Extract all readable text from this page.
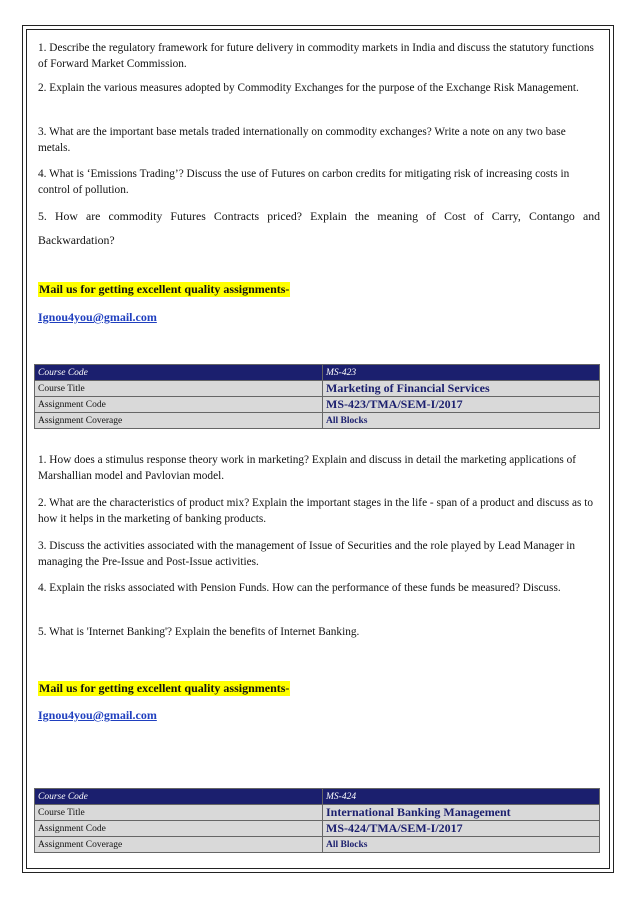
1. Describe the regulatory framework for future delivery in commodity markets in India and discuss the statutory functions of Forward Market Commission.
2. Explain the various measures adopted by Commodity Exchanges for the purpose of the Exchange Risk Management.
3. What are the important base metals traded internationally on commodity exchanges? Write a note on any two base metals.
4. What is ‘Emissions Trading’? Discuss the use of Futures on carbon credits for mitigating risk of increasing costs in control of pollution.
5. How are commodity Futures Contracts priced? Explain the meaning of Cost of Carry, Contango and Backwardation?
Mail us for getting excellent quality assignments-
Ignou4you@gmail.com
Course Code	MS-423
Course Title	Marketing of Financial Services
Assignment Code	MS-423/TMA/SEM-I/2017
Assignment Coverage	All Blocks
1. How does a stimulus response theory work in marketing? Explain and discuss in detail the marketing applications of Marshallian model and Pavlovian model.
2. What are the characteristics of product mix? Explain the important stages in the life - span of a product and discuss as to how it helps in the marketing of banking products.
3. Discuss the activities associated with the management of Issue of Securities and the role played by Lead Manager in managing the Pre-Issue and Post-Issue activities.
4. Explain the risks associated with Pension Funds. How can the performance of these funds be measured? Discuss.
5. What is 'Internet Banking'? Explain the benefits of Internet Banking.
Mail us for getting excellent quality assignments-
Ignou4you@gmail.com
Course Code	MS-424
Course Title	International Banking Management
Assignment Code	MS-424/TMA/SEM-I/2017
Assignment Coverage	All Blocks
